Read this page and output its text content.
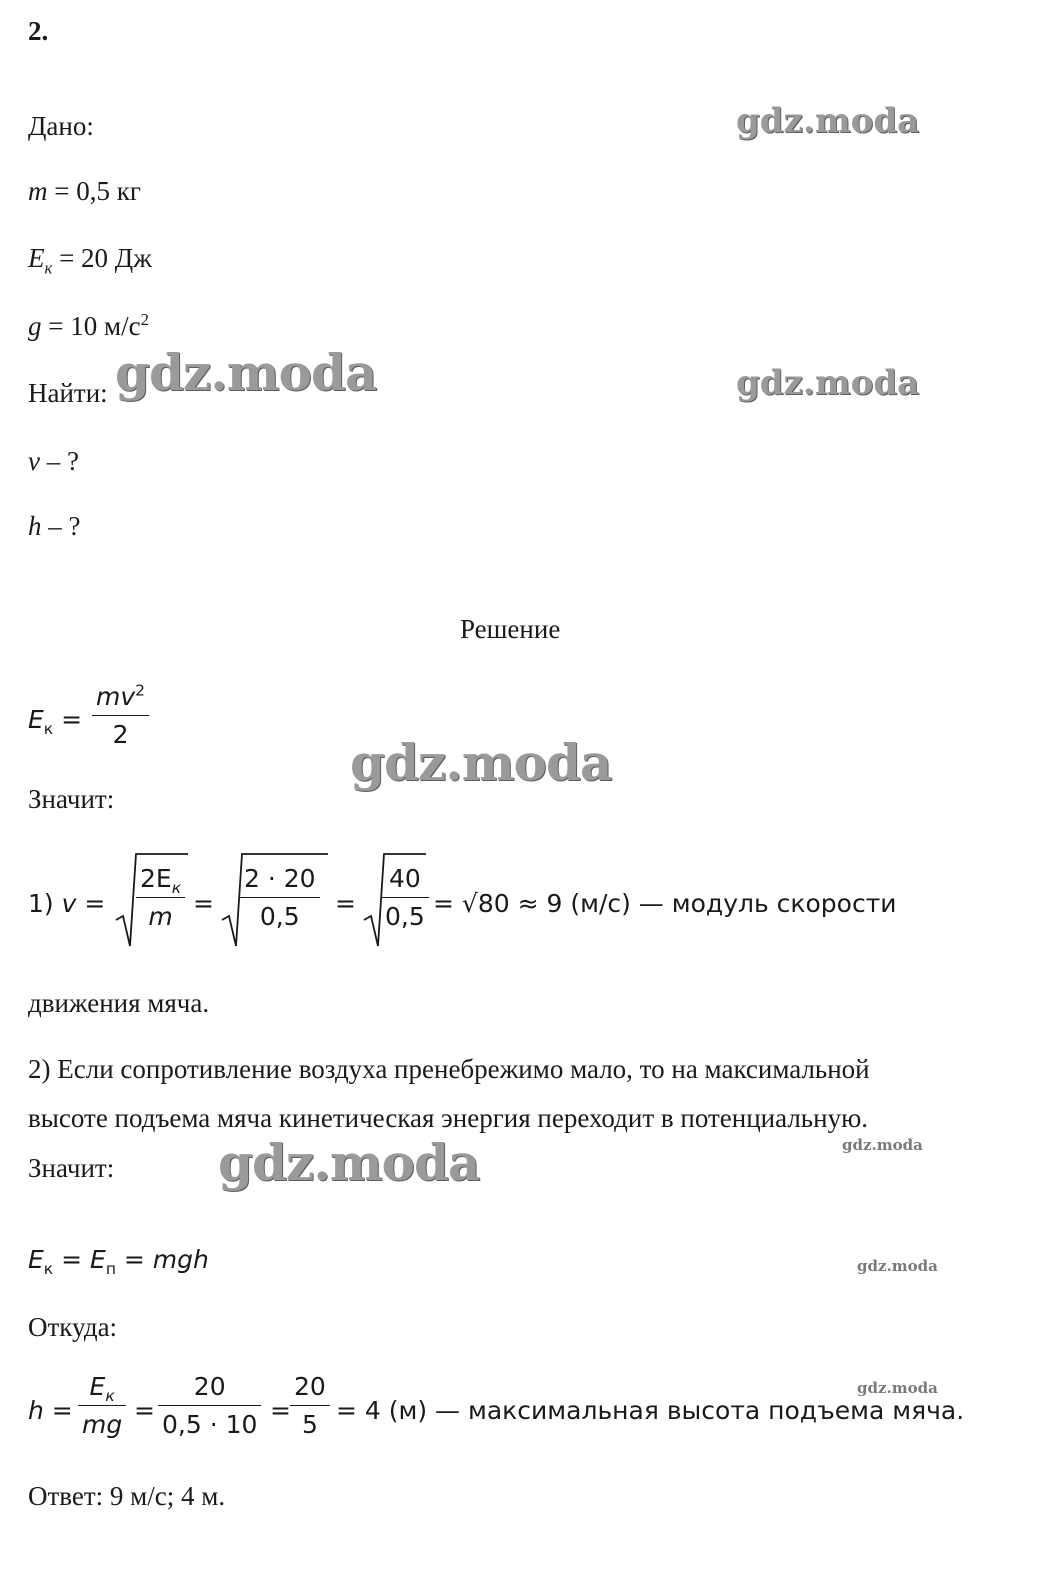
2.
Дано:
m = 0,5 кг
$E_к = 20$ Дж
g = 10 $м/с^2$
Найти:
v – ?
h – ?
Решение
$E_к = \frac{mv^2}{2}$
Значит:
1) v =
$2E_к$
$m = \frac{2 \cdot 20}{0,5} = \frac{40}{0,5} = √80 \approx 9$ (м/с) — модуль скорости
движения мяча.
2) Если сопротивление воздуха пренебрежимо мало, то на максимальной
высоте подъема мяча кинетическая энергия переходит в потенциальную.
Значит:
$E_к = E_п$ = mgh
Откуда:
h =
$E_к$
mg = $\frac{20}{0,5 \cdot 10} = \frac{20}{5} = 4$ (м) — максимальная высота подъема мяча.
Ответ: 9 м/с; 4 м.
gdz.moda
gdz.moda	gdz.moda
gdz.moda
gdz.moda	gdz.moda
gdz.moda
gdz.moda
